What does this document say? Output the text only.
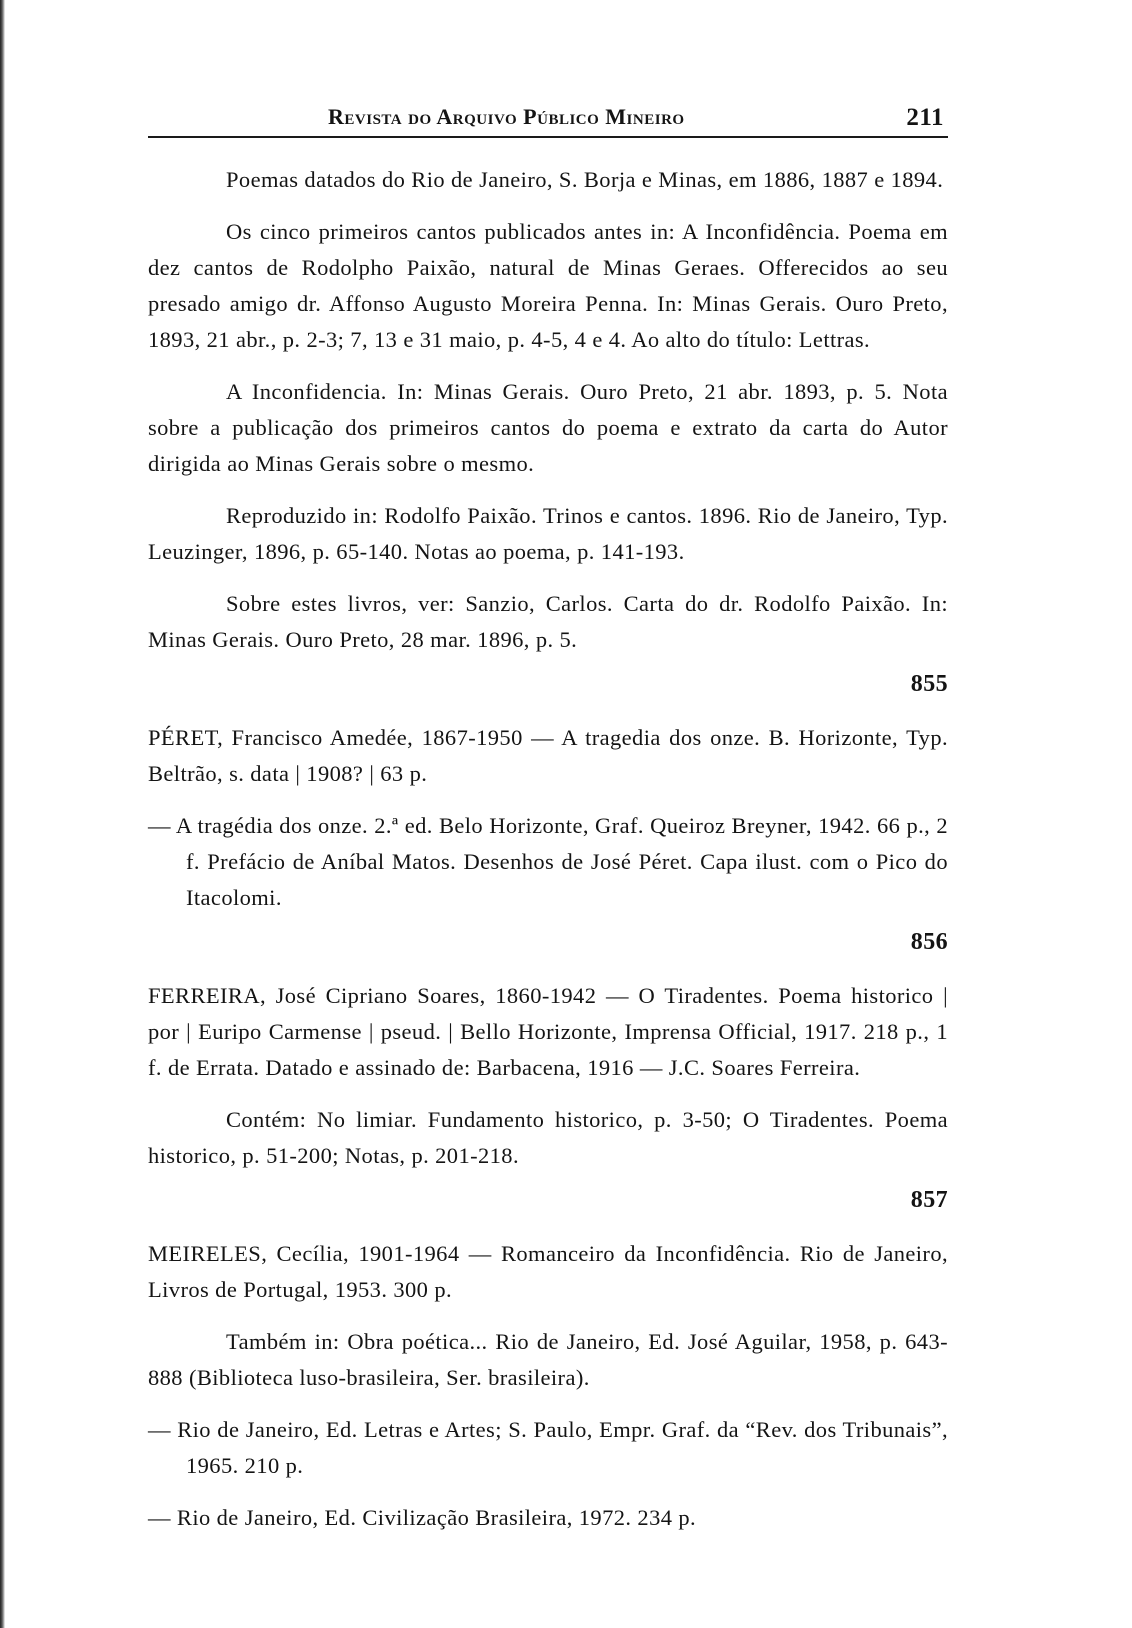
Revista do Arquivo Público Mineiro	211

Poemas datados do Rio de Janeiro, S. Borja e Minas, em 1886, 1887 e 1894.

Os cinco primeiros cantos publicados antes in: A Inconfidência. Poema em dez cantos de Rodolpho Paixão, natural de Minas Geraes. Offerecidos ao seu presado amigo dr. Affonso Augusto Moreira Penna. In: Minas Gerais. Ouro Preto, 1893, 21 abr., p. 2-3; 7, 13 e 31 maio, p. 4-5, 4 e 4. Ao alto do título: Lettras.

A Inconfidencia. In: Minas Gerais. Ouro Preto, 21 abr. 1893, p. 5. Nota sobre a publicação dos primeiros cantos do poema e extrato da carta do Autor dirigida ao Minas Gerais sobre o mesmo.

Reproduzido in: Rodolfo Paixão. Trinos e cantos. 1896. Rio de Janeiro, Typ. Leuzinger, 1896, p. 65-140. Notas ao poema, p. 141-193.

Sobre estes livros, ver: Sanzio, Carlos. Carta do dr. Rodolfo Paixão. In: Minas Gerais. Ouro Preto, 28 mar. 1896, p. 5.

855

PÉRET, Francisco Amedée, 1867-1950 — A tragedia dos onze. B. Horizonte, Typ. Beltrão, s. data | 1908? | 63 p.

— A tragédia dos onze. 2.ª ed. Belo Horizonte, Graf. Queiroz Breyner, 1942. 66 p., 2 f. Prefácio de Aníbal Matos. Desenhos de José Péret. Capa ilust. com o Pico do Itacolomi.

856

FERREIRA, José Cipriano Soares, 1860-1942 — O Tiradentes. Poema historico | por | Euripo Carmense | pseud. | Bello Horizonte, Imprensa Official, 1917. 218 p., 1 f. de Errata. Datado e assinado de: Barbacena, 1916 — J.C. Soares Ferreira.

Contém: No limiar. Fundamento historico, p. 3-50; O Tiradentes. Poema historico, p. 51-200; Notas, p. 201-218.

857

MEIRELES, Cecília, 1901-1964 — Romanceiro da Inconfidência. Rio de Janeiro, Livros de Portugal, 1953. 300 p.

Também in: Obra poética... Rio de Janeiro, Ed. José Aguilar, 1958, p. 643-888 (Biblioteca luso-brasileira, Ser. brasileira).

— Rio de Janeiro, Ed. Letras e Artes; S. Paulo, Empr. Graf. da “Rev. dos Tribunais”, 1965. 210 p.

— Rio de Janeiro, Ed. Civilização Brasileira, 1972. 234 p.
